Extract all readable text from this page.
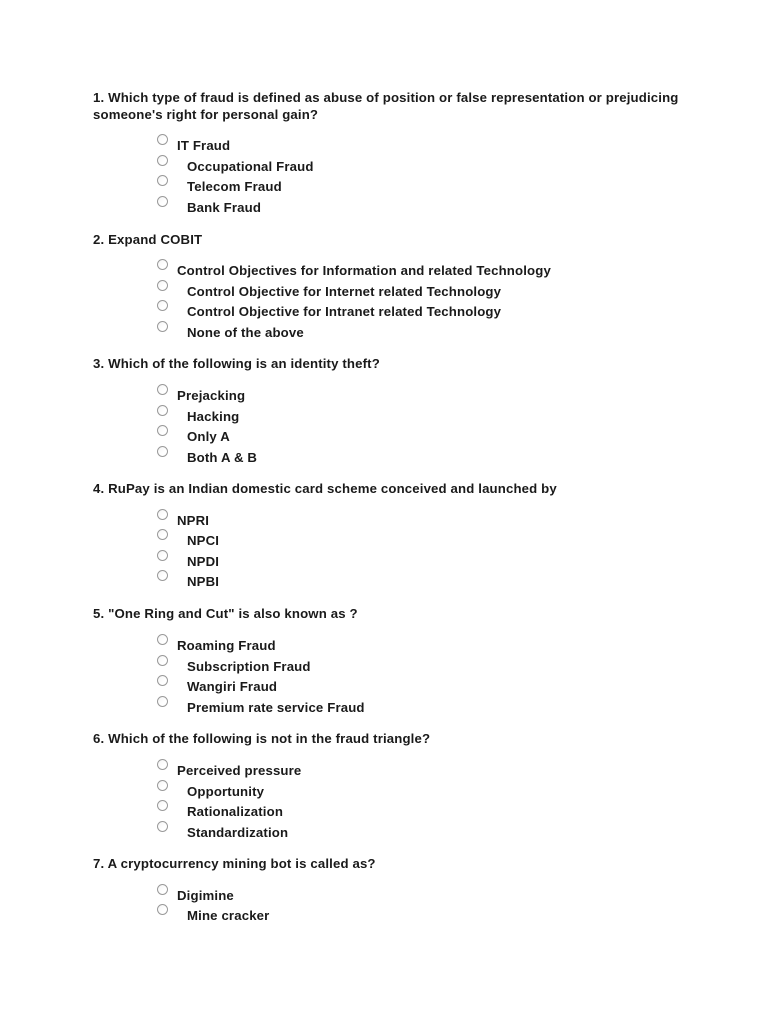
1. Which type of fraud is defined as abuse of position or false representation or prejudicing someone's right for personal gain?
IT Fraud
Occupational Fraud
Telecom Fraud
Bank Fraud
2. Expand COBIT
Control Objectives for Information and related Technology
Control Objective for Internet related Technology
Control Objective for Intranet related Technology
None of the above
3. Which of the following is an identity theft?
Prejacking
Hacking
Only A
Both A & B
4. RuPay is an Indian domestic card scheme conceived and launched by
NPRI
NPCI
NPDI
NPBI
5. "One Ring and Cut" is also known as ?
Roaming Fraud
Subscription Fraud
Wangiri Fraud
Premium rate service Fraud
6. Which of the following is not in the fraud triangle?
Perceived pressure
Opportunity
Rationalization
Standardization
7. A cryptocurrency mining bot is called as?
Digimine
Mine cracker
